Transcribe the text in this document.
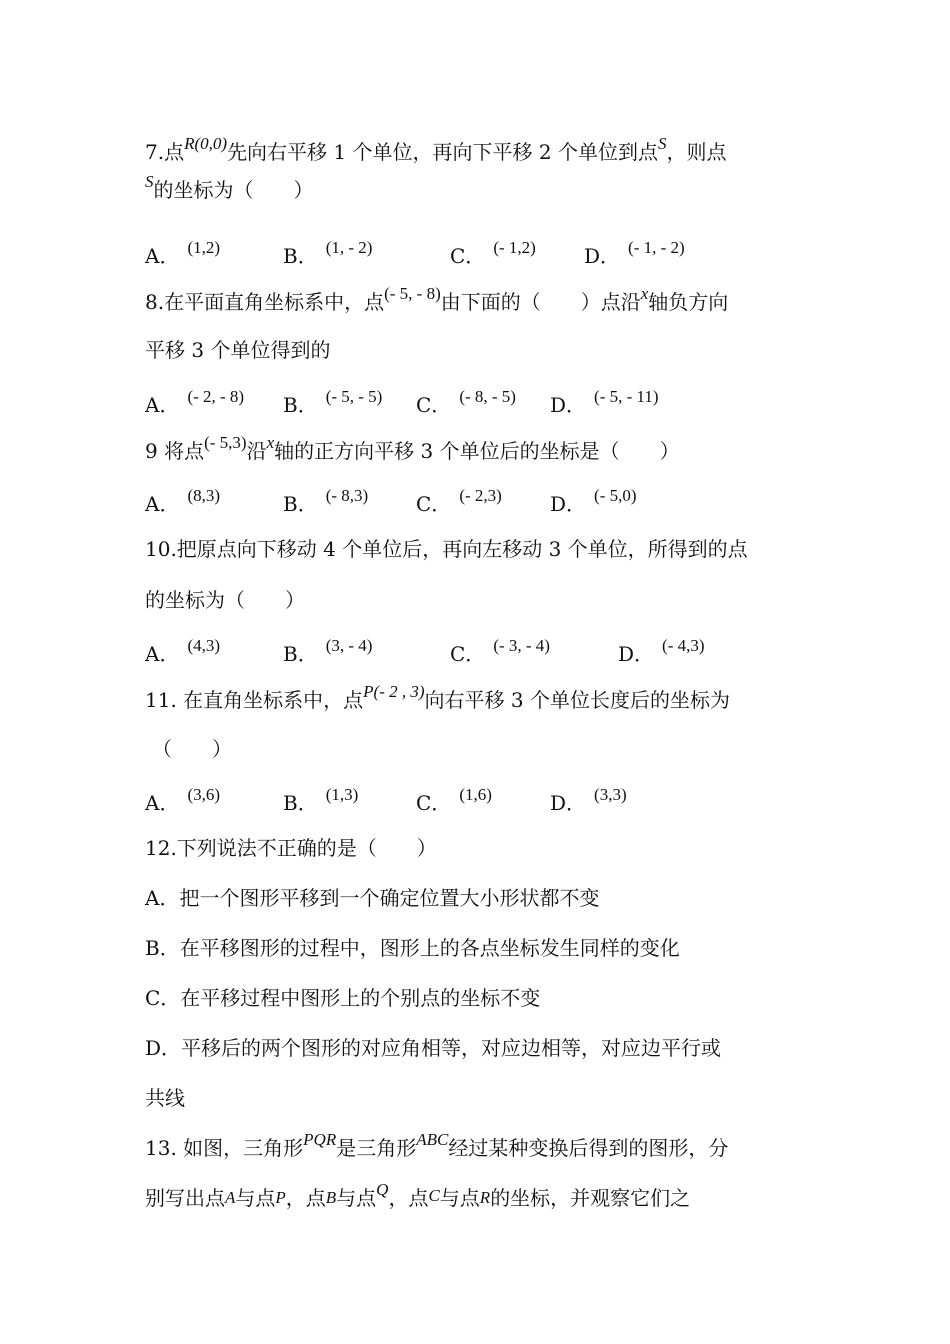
7.点$^{R(0,0)}$先向右平移 1 个单位，再向下平移 2 个单位到点$^S$，则点
$^S$的坐标为（　　）
A． $^{(1,2)}$	B． $^{(1, - 2)}$	C． $^{(- 1,2)}$ D． $^{(- 1, - 2)}$
8.在平面直角坐标系中，点$^{(- 5, - 8)}$由下面的（　　）点沿$^x$轴负方向
平移 3 个单位得到的
A． $^{(- 2, - 8)}$ B． $^{(- 5, - 5)}$ C． $^{(- 8, - 5)}$ D． $^{(- 5, - 11)}$
9 将点$^{(- 5,3)}$沿$^x$轴的正方向平移 3 个单位后的坐标是（　　）
A． $^{(8,3)}$	B． $^{(- 8,3)}$ C． $^{(- 2,3)}$ D． $^{(- 5,0)}$
10.把原点向下移动 4 个单位后，再向左移动 3 个单位，所得到的点
的坐标为（　　）
A． $^{(4,3)}$	B． $^{(3, - 4)}$	C． $^{(- 3, - 4)}$	D． $^{(- 4,3)}$
11. 在直角坐标系中，点$^{P(- 2 , 3)}$向右平移 3 个单位长度后的坐标为
（　　）
A． $^{(3,6)}$	B． $^{(1,3)}$	C． $^{(1,6)}$	D． $^{(3,3)}$
12.下列说法不正确的是（　　）
A．把一个图形平移到一个确定位置大小形状都不变
B．在平移图形的过程中，图形上的各点坐标发生同样的变化
C．在平移过程中图形上的个别点的坐标不变
D．平移后的两个图形的对应角相等，对应边相等，对应边平行或
共线
13. 如图，三角形$^{PQR}$是三角形$^{ABC}$经过某种变换后得到的图形，分
别写出点A与点P，点B与点$^Q$，点$^C$与点R的坐标，并观察它们之
